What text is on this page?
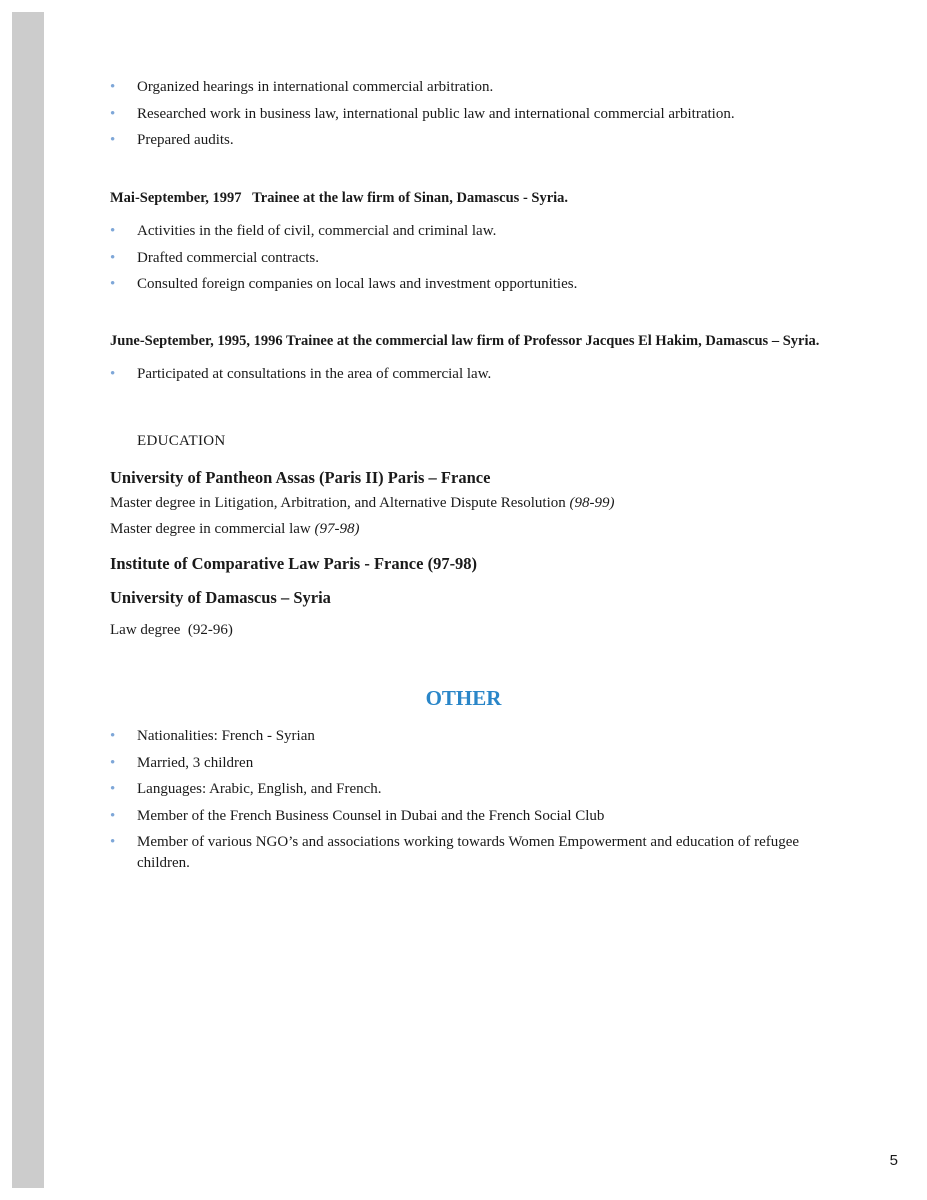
• Organized hearings in international commercial arbitration.
• Researched work in business law, international public law and international commercial arbitration.
• Prepared audits.

Mai-September, 1997   Trainee at the law firm of Sinan, Damascus - Syria.

• Activities in the field of civil, commercial and criminal law.
• Drafted commercial contracts.
• Consulted foreign companies on local laws and investment opportunities.

June-September, 1995, 1996 Trainee at the commercial law firm of Professor Jacques El Hakim, Damascus – Syria.

• Participated at consultations in the area of commercial law.
EDUCATION

University of Pantheon Assas (Paris II) Paris – France

Master degree in Litigation, Arbitration, and Alternative Dispute Resolution (98-99)

Master degree in commercial law (97-98)

Institute of Comparative Law Paris - France (97-98)

University of Damascus – Syria

Law degree  (92-96)

OTHER
• Nationalities: French - Syrian
• Married, 3 children
• Languages: Arabic, English, and French.
• Member of the French Business Counsel in Dubai and the French Social Club
• Member of various NGO’s and associations working towards Women Empowerment and education of refugee children.
5
